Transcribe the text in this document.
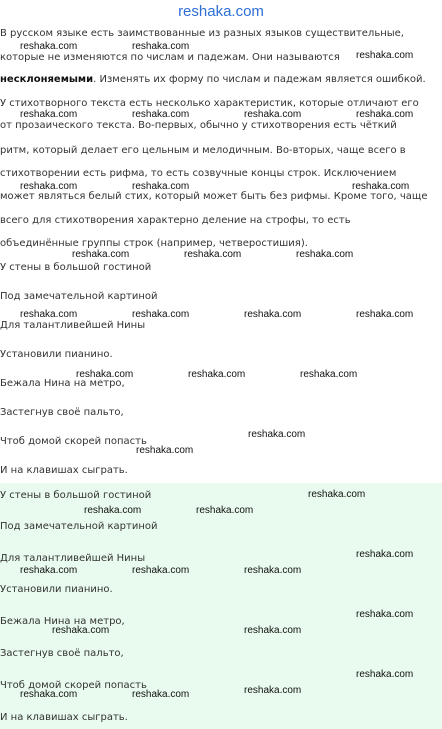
reshaka.com
В русском языке есть заимствованные из разных языков существительные,
которые не изменяются по числам и падежам. Они называются
несклоняемыми. Изменять их форму по числам и падежам является ошибкой.
У стихотворного текста есть несколько характеристик, которые отличают его
от прозаического текста. Во-первых, обычно у стихотворения есть чёткий
ритм, который делает его цельным и мелодичным. Во-вторых, чаще всего в
стихотворении есть рифма, то есть созвучные концы строк. Исключением
может являться белый стих, который может быть без рифмы. Кроме того, чаще
всего для стихотворения характерно деление на строфы, то есть
объединённые группы строк (например, четверостишия).
У стены в большой гостиной
Под замечательной картиной
Для талантливейшей Нины
Установили пианино.
Бежала Нина на метро,
Застегнув своё пальто,
Чтоб домой скорей попасть
И на клавишах сыграть.
У стены в большой гостиной
Под замечательной картиной
Для талантливейшей Нины
Установили пианино.
Бежала Нина на метро,
Застегнув своё пальто,
Чтоб домой скорей попасть
И на клавишах сыграть.
reshaka.com	reshaka.com
reshaka.com
reshaka.com	reshaka.com	reshaka.com	reshaka.com
reshaka.com	reshaka.com	reshaka.com
reshaka.com	reshaka.com	reshaka.com
reshaka.com	reshaka.com	reshaka.com	reshaka.com
reshaka.com	reshaka.com	reshaka.com
reshaka.com
reshaka.com
reshaka.com
reshaka.com	reshaka.com
reshaka.com
reshaka.com	reshaka.com	reshaka.com
reshaka.com
reshaka.com	reshaka.com
reshaka.com
reshaka.com	reshaka.com	reshaka.com
